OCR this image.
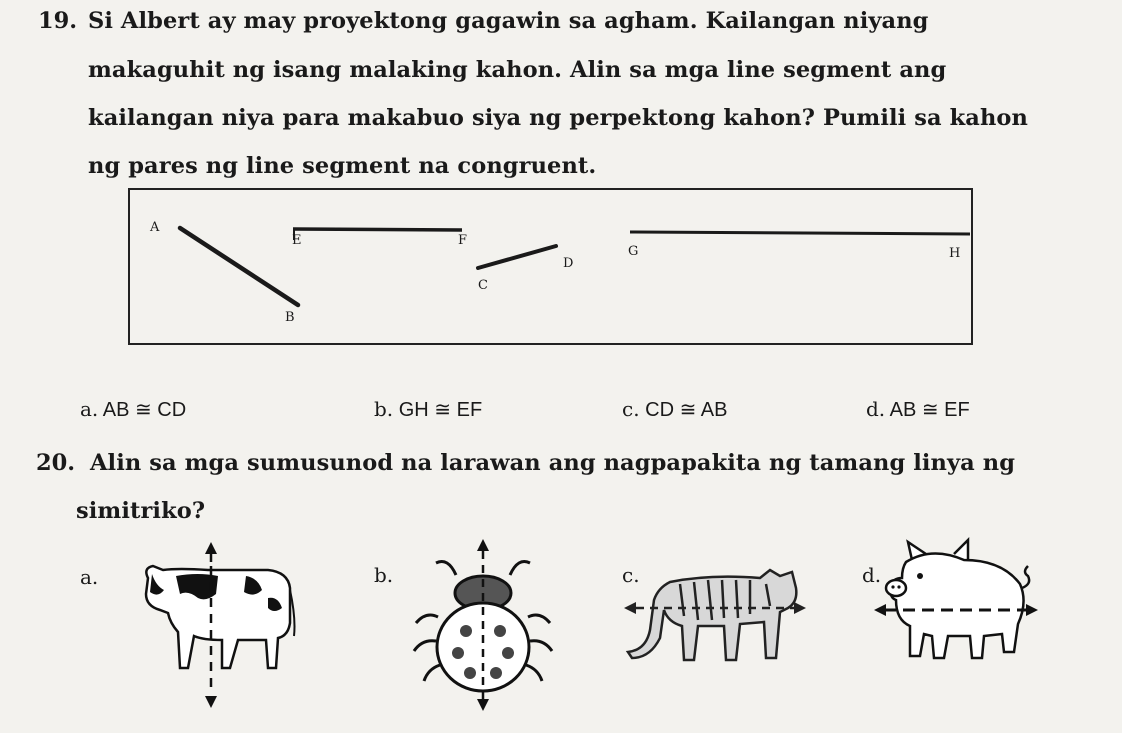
19. Si Albert ay may proyektong gagawin sa agham. Kailangan niyang
makaguhit ng isang malaking kahon. Alin sa mga line segment ang
kailangan niya para makabuo siya ng perpektong kahon? Pumili sa kahon
ng pares ng line segment na congruent.
A
B
C
D
E	F
G	H
a. AB ≅ CD	b. GH ≅ EF	c. CD ≅ AB	d. AB ≅ EF
20. Alin sa mga sumusunod na larawan ang nagpapakita ng tamang linya ng
simitriko?
a.	b.	c.	d.
